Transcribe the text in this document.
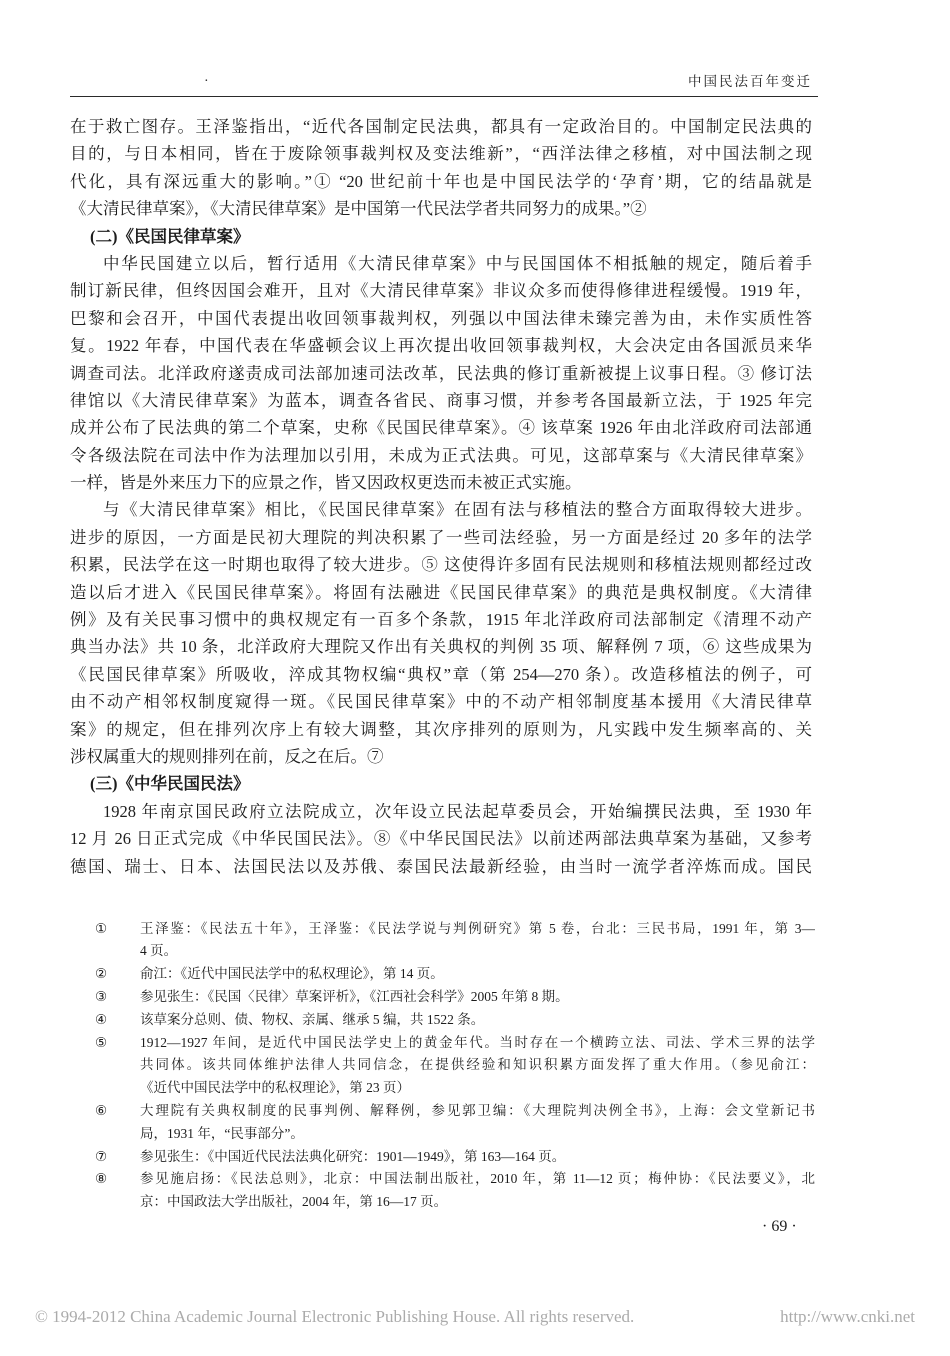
·	中国民法百年变迁
在于救亡图存。王泽鉴指出，“近代各国制定民法典，都具有一定政治目的。中国制定民法典的
目的，与日本相同，皆在于废除领事裁判权及变法维新”，“西洋法律之移植，对中国法制之现
代化，具有深远重大的影响。”① “20 世纪前十年也是中国民法学的‘孕育’期，它的结晶就是
《大清民律草案》，《大清民律草案》是中国第一代民法学者共同努力的成果。”②
(二)《民国民律草案》
中华民国建立以后，暂行适用《大清民律草案》中与民国国体不相抵触的规定，随后着手
制订新民律，但终因国会难开，且对《大清民律草案》非议众多而使得修律进程缓慢。1919 年，
巴黎和会召开，中国代表提出收回领事裁判权，列强以中国法律未臻完善为由，未作实质性答
复。1922 年春，中国代表在华盛顿会议上再次提出收回领事裁判权，大会决定由各国派员来华
调查司法。北洋政府遂责成司法部加速司法改革，民法典的修订重新被提上议事日程。③ 修订法
律馆以《大清民律草案》为蓝本，调查各省民、商事习惯，并参考各国最新立法，于 1925 年完
成并公布了民法典的第二个草案，史称《民国民律草案》。④ 该草案 1926 年由北洋政府司法部通
令各级法院在司法中作为法理加以引用，未成为正式法典。可见，这部草案与《大清民律草案》
一样，皆是外来压力下的应景之作，皆又因政权更迭而未被正式实施。
与《大清民律草案》相比，《民国民律草案》在固有法与移植法的整合方面取得较大进步。
进步的原因，一方面是民初大理院的判决积累了一些司法经验，另一方面是经过 20 多年的法学
积累，民法学在这一时期也取得了较大进步。⑤ 这使得许多固有民法规则和移植法规则都经过改
造以后才进入《民国民律草案》。将固有法融进《民国民律草案》的典范是典权制度。《大清律
例》及有关民事习惯中的典权规定有一百多个条款，1915 年北洋政府司法部制定《清理不动产
典当办法》共 10 条，北洋政府大理院又作出有关典权的判例 35 项、解释例 7 项，⑥ 这些成果为
《民国民律草案》所吸收，淬成其物权编“典权”章（第 254—270 条）。改造移植法的例子，可
由不动产相邻权制度窥得一斑。《民国民律草案》中的不动产相邻制度基本援用《大清民律草
案》的规定，但在排列次序上有较大调整，其次序排列的原则为，凡实践中发生频率高的、关
涉权属重大的规则排列在前，反之在后。⑦
(三)《中华民国民法》
1928 年南京国民政府立法院成立，次年设立民法起草委员会，开始编撰民法典，至 1930 年
12 月 26 日正式完成《中华民国民法》。⑧《中华民国民法》以前述两部法典草案为基础，又参考
德国、瑞士、日本、法国民法以及苏俄、泰国民法最新经验，由当时一流学者淬炼而成。国民
① 王泽鉴：《民法五十年》，王泽鉴：《民法学说与判例研究》第 5 卷，台北：三民书局，1991 年，第 3—
4 页。
② 俞江：《近代中国民法学中的私权理论》，第 14 页。
③ 参见张生：《民国〈民律〉草案评析》，《江西社会科学》2005 年第 8 期。
④ 该草案分总则、债、物权、亲属、继承 5 编，共 1522 条。
⑤ 1912—1927 年间，是近代中国民法学史上的黄金年代。当时存在一个横跨立法、司法、学术三界的法学
共同体。该共同体维护法律人共同信念，在提供经验和知识积累方面发挥了重大作用。（参见俞江：
《近代中国民法学中的私权理论》，第 23 页）
⑥ 大理院有关典权制度的民事判例、解释例，参见郭卫编：《大理院判决例全书》，上海：会文堂新记书
局，1931 年，“民事部分”。
⑦ 参见张生：《中国近代民法法典化研究：1901—1949》，第 163—164 页。
⑧ 参见施启扬：《民法总则》，北京：中国法制出版社，2010 年，第 11—12 页；梅仲协：《民法要义》，北
京：中国政法大学出版社，2004 年，第 16—17 页。
· 69 ·
© 1994-2012 China Academic Journal Electronic Publishing House. All rights reserved.	http://www.cnki.net
